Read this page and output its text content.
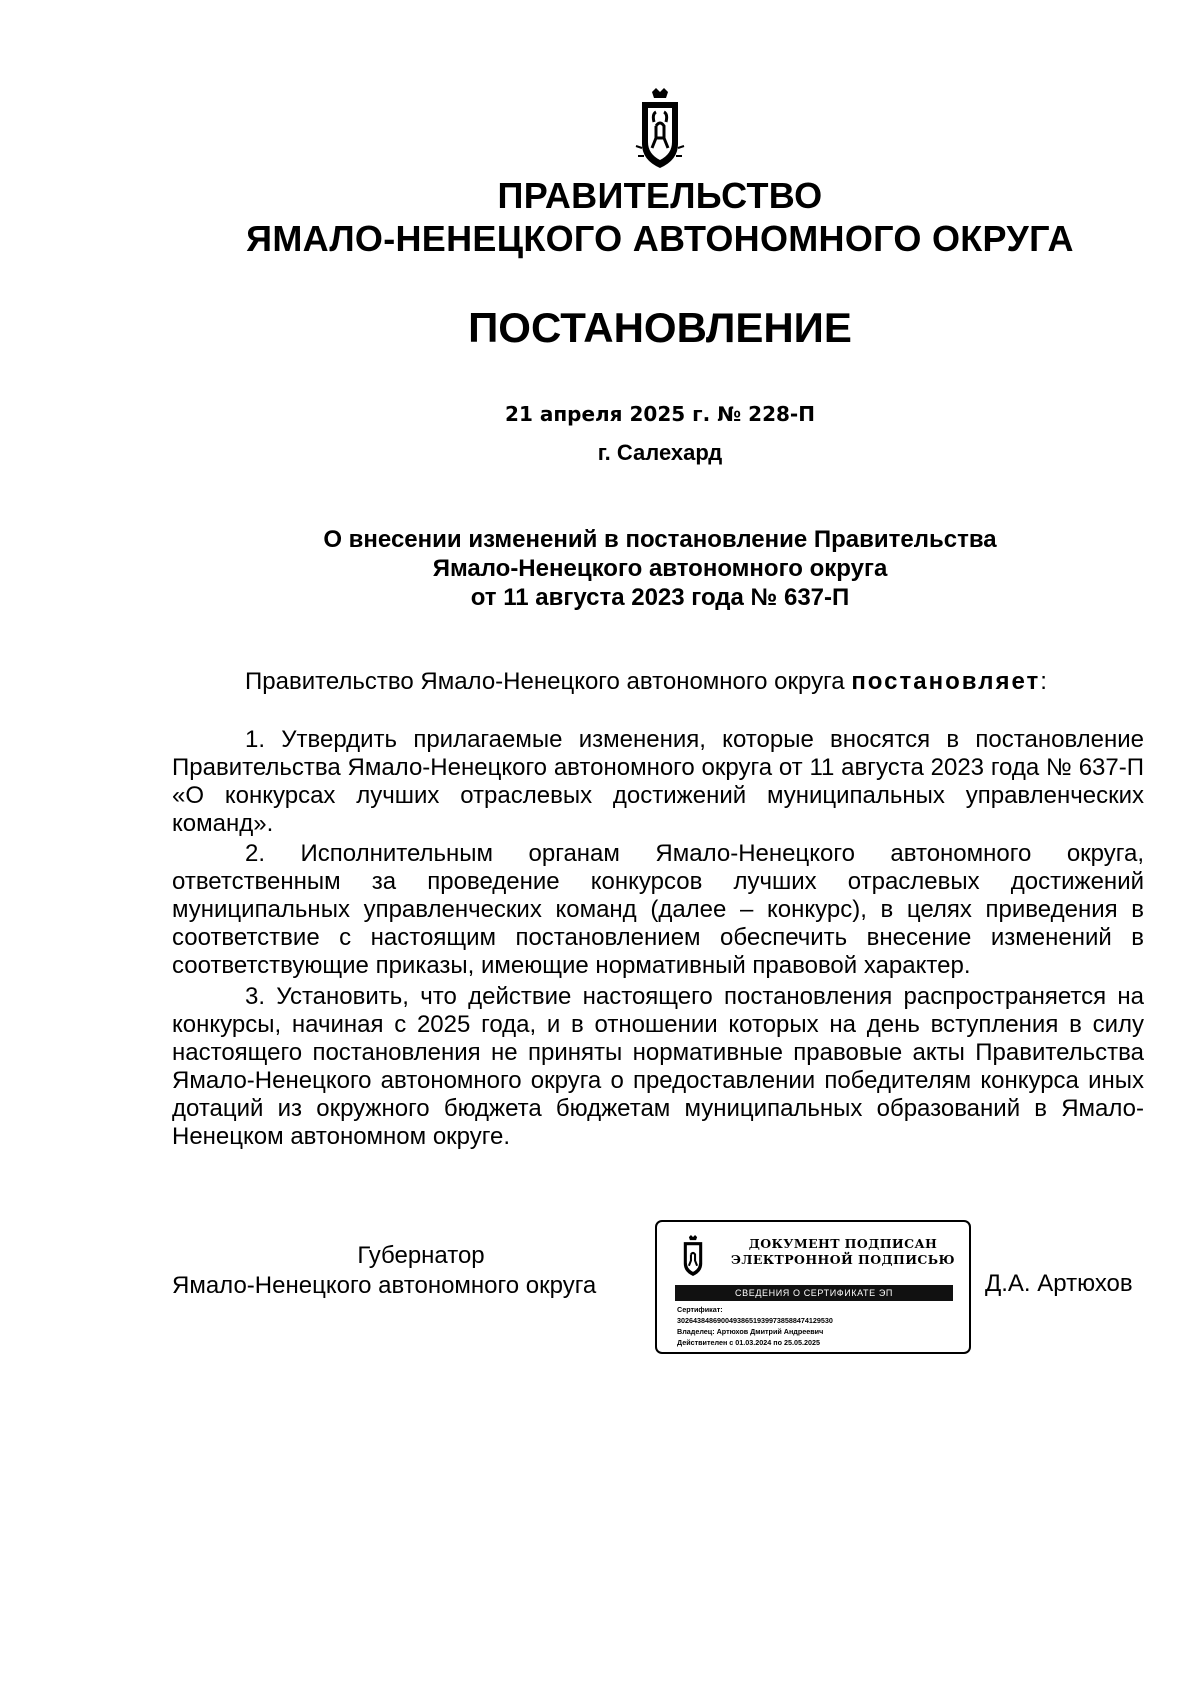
ПРАВИТЕЛЬСТВО
ЯМАЛО-НЕНЕЦКОГО АВТОНОМНОГО ОКРУГА
ПОСТАНОВЛЕНИЕ
21 апреля 2025 г. № 228-П
г. Салехард
О внесении изменений в постановление Правительства
Ямало-Ненецкого автономного округа
от 11 августа 2023 года № 637-П
Правительство Ямало-Ненецкого автономного округа постановляет:

1. Утвердить прилагаемые изменения, которые вносятся в постановление Правительства Ямало-Ненецкого автономного округа от 11 августа 2023 года № 637-П «О конкурсах лучших отраслевых достижений муниципальных управленческих команд».

2. Исполнительным органам Ямало-Ненецкого автономного округа, ответственным за проведение конкурсов лучших отраслевых достижений муниципальных управленческих команд (далее – конкурс), в целях приведения в соответствие с настоящим постановлением обеспечить внесение изменений в соответствующие приказы, имеющие нормативный правовой характер.

3. Установить, что действие настоящего постановления распространяется на конкурсы, начиная с 2025 года, и в отношении которых на день вступления в силу настоящего постановления не приняты нормативные правовые акты Правительства Ямало-Ненецкого автономного округа о предоставлении победителям конкурса иных дотаций из окружного бюджета бюджетам муниципальных образований в Ямало-Ненецком автономном округе.

Губернатор
Ямало-Ненецкого автономного округа
ДОКУМЕНТ ПОДПИСАН
ЭЛЕКТРОННОЙ ПОДПИСЬЮ
СВЕДЕНИЯ О СЕРТИФИКАТЕ ЭП
Сертификат:
302643848690049386519399738588474129530
Владелец: Артюхов Дмитрий Андреевич
Действителен с 01.03.2024 по 25.05.2025
Д.А. Артюхов
